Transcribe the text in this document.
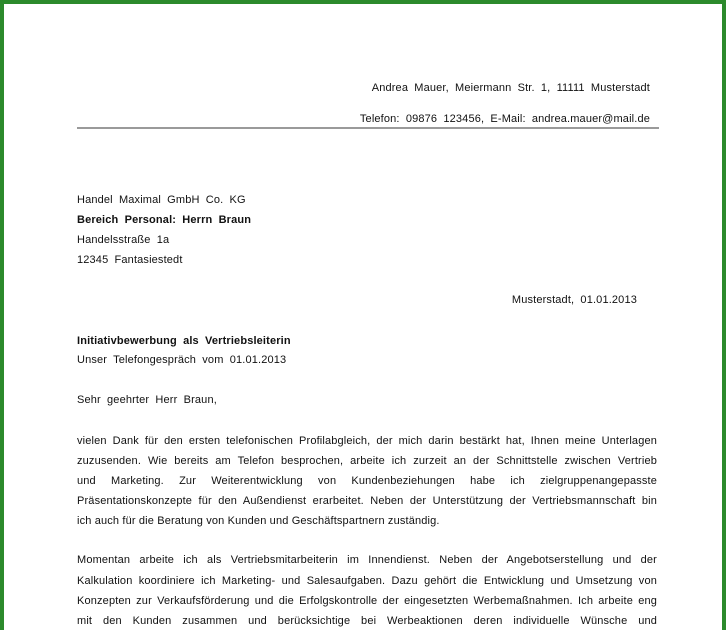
Andrea Mauer, Meiermann Str. 1, 11111 Musterstadt
Telefon: 09876 123456, E-Mail: andrea.mauer@mail.de
Handel Maximal GmbH Co. KG
Bereich Personal: Herrn Braun
Handelsstraße 1a
12345 Fantasiestedt
Musterstadt, 01.01.2013
Initiativbewerbung als Vertriebsleiterin
Unser Telefongespräch vom 01.01.2013
Sehr geehrter Herr Braun,
vielen Dank für den ersten telefonischen Profilabgleich, der mich darin bestärkt hat, Ihnen meine Unterlagen
zuzusenden. Wie bereits am Telefon besprochen, arbeite ich zurzeit an der Schnittstelle zwischen Vertrieb
und Marketing. Zur Weiterentwicklung von Kundenbeziehungen habe ich zielgruppenangepasste
Präsentationskonzepte für den Außendienst erarbeitet. Neben der Unterstützung der Vertriebsmannschaft bin
ich auch für die Beratung von Kunden und Geschäftspartnern zuständig.
Momentan arbeite ich als Vertriebsmitarbeiterin im Innendienst. Neben der Angebotserstellung und der
Kalkulation koordiniere ich Marketing- und Salesaufgaben. Dazu gehört die Entwicklung und Umsetzung von
Konzepten zur Verkaufsförderung und die Erfolgskontrolle der eingesetzten Werbemaßnahmen. Ich arbeite eng
mit den Kunden zusammen und berücksichtige bei Werbeaktionen deren individuelle Wünsche und
